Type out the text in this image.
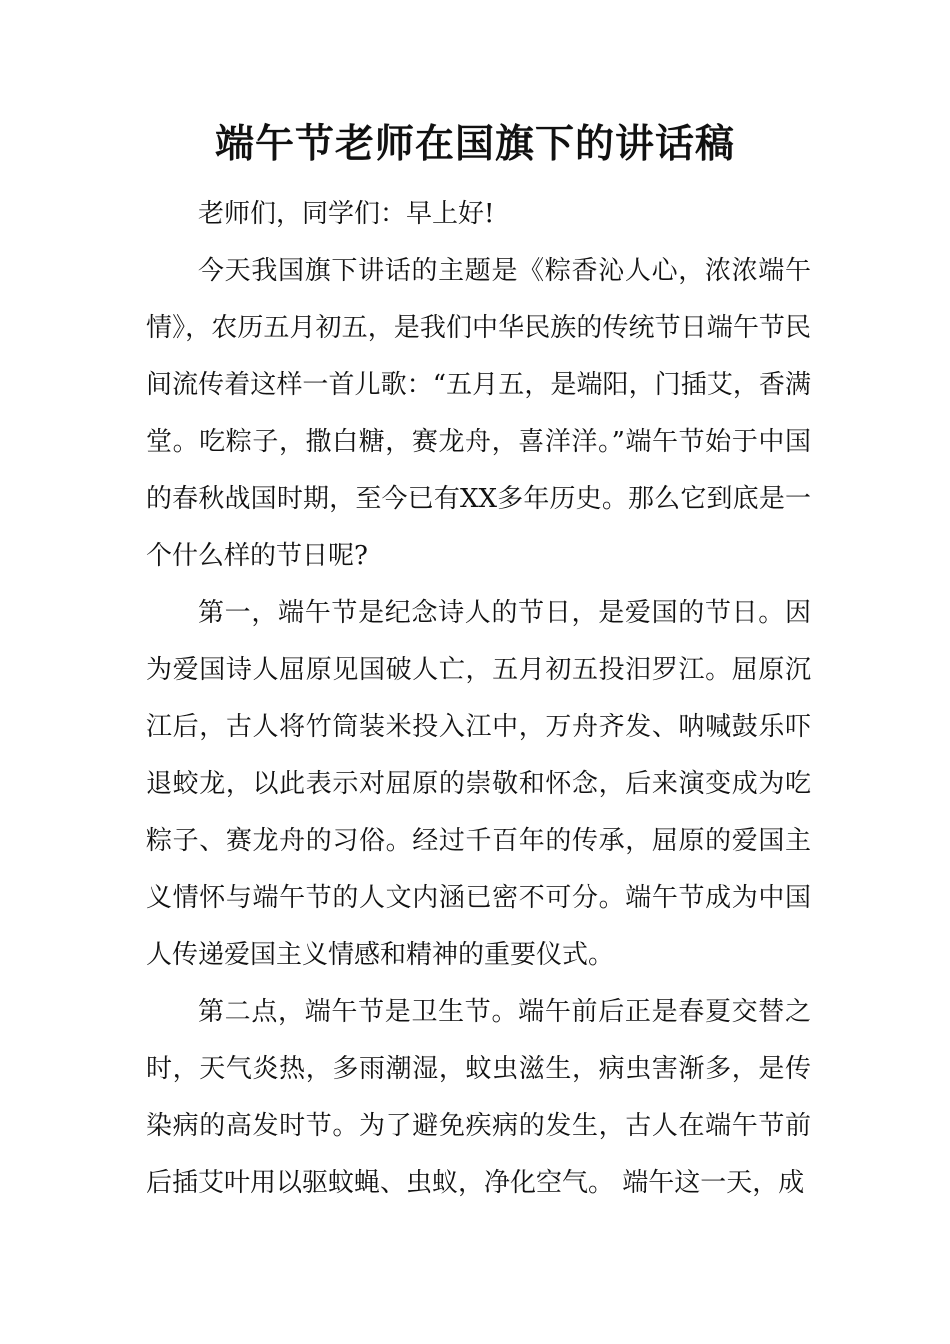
端午节老师在国旗下的讲话稿

老师们，同学们：早上好!

今天我国旗下讲话的主题是《粽香沁人心，浓浓端午情》，农历五月初五，是我们中华民族的传统节日端午节民间流传着这样一首儿歌：“五月五，是端阳，门插艾，香满堂。吃粽子，撒白糖，赛龙舟，喜洋洋。”端午节始于中国的春秋战国时期，至今已有XX多年历史。那么它到底是一个什么样的节日呢?

第一，端午节是纪念诗人的节日，是爱国的节日。因为爱国诗人屈原见国破人亡，五月初五投汨罗江。屈原沉江后，古人将竹筒装米投入江中，万舟齐发、呐喊鼓乐吓退蛟龙，以此表示对屈原的崇敬和怀念，后来演变成为吃粽子、赛龙舟的习俗。经过千百年的传承，屈原的爱国主义情怀与端午节的人文内涵已密不可分。端午节成为中国人传递爱国主义情感和精神的重要仪式。

第二点，端午节是卫生节。端午前后正是春夏交替之时，天气炎热，多雨潮湿，蚊虫滋生，病虫害渐多，是传染病的高发时节。为了避免疾病的发生，古人在端午节前后插艾叶用以驱蚊蝇、虫蚁，净化空气。 端午这一天，成
